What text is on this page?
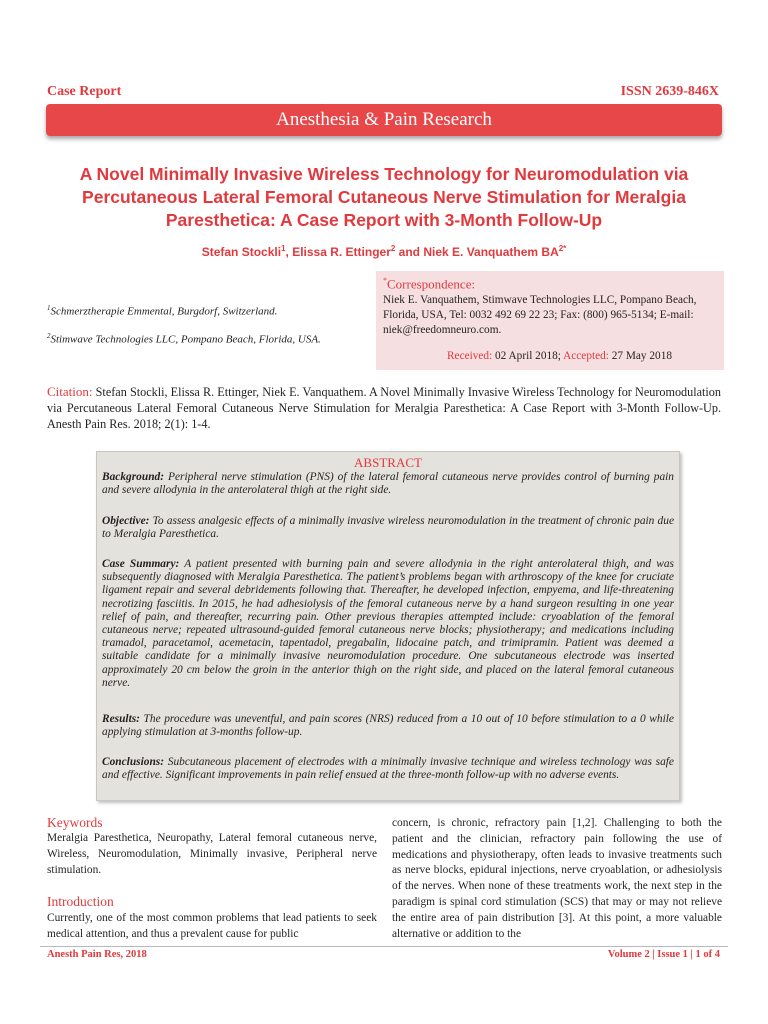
Case Report	ISSN 2639-846X
Anesthesia & Pain Research
A Novel Minimally Invasive Wireless Technology for Neuromodulation via Percutaneous Lateral Femoral Cutaneous Nerve Stimulation for Meralgia Paresthetica: A Case Report with 3-Month Follow-Up
Stefan Stockli$^1$, Elissa R. Ettinger$^2$ and Niek E. Vanquathem $BA^{2*}$
$^1$Schmerztherapie Emmental, Burgdorf, Switzerland.
$^2$Stimwave Technologies LLC, Pompano Beach, Florida, USA.
*Correspondence:
Niek E. Vanquathem, Stimwave Technologies LLC, Pompano Beach, Florida, USA, Tel: 0032 492 69 22 23; Fax: (800) 965-5134; E-mail: niek@freedomneuro.com.
Received: 02 April 2018; Accepted: 27 May 2018
Citation: Stefan Stockli, Elissa R. Ettinger, Niek E. Vanquathem. A Novel Minimally Invasive Wireless Technology for Neuromodulation via Percutaneous Lateral Femoral Cutaneous Nerve Stimulation for Meralgia Paresthetica: A Case Report with 3-Month Follow-Up. Anesth Pain Res. 2018; 2(1): 1-4.
ABSTRACT
Background: Peripheral nerve stimulation (PNS) of the lateral femoral cutaneous nerve provides control of burning pain and severe allodynia in the anterolateral thigh at the right side.
Objective: To assess analgesic effects of a minimally invasive wireless neuromodulation in the treatment of chronic pain due to Meralgia Paresthetica.
Case Summary: A patient presented with burning pain and severe allodynia in the right anterolateral thigh, and was subsequently diagnosed with Meralgia Paresthetica. The patient’s problems began with arthroscopy of the knee for cruciate ligament repair and several debridements following that. Thereafter, he developed infection, empyema, and life-threatening necrotizing fasciitis. In 2015, he had adhesiolysis of the femoral cutaneous nerve by a hand surgeon resulting in one year relief of pain, and thereafter, recurring pain. Other previous therapies attempted include: cryoablation of the femoral cutaneous nerve; repeated ultrasound-guided femoral cutaneous nerve blocks; physiotherapy; and medications including tramadol, paracetamol, acemetacin, tapentadol, pregabalin, lidocaine patch, and trimipramin. Patient was deemed a suitable candidate for a minimally invasive neuromodulation procedure. One subcutaneous electrode was inserted approximately 20 cm below the groin in the anterior thigh on the right side, and placed on the lateral femoral cutaneous nerve.
Results: The procedure was uneventful, and pain scores (NRS) reduced from a 10 out of 10 before stimulation to a 0 while applying stimulation at 3-months follow-up.
Conclusions: Subcutaneous placement of electrodes with a minimally invasive technique and wireless technology was safe and effective. Significant improvements in pain relief ensued at the three-month follow-up with no adverse events.
Keywords
Meralgia Paresthetica, Neuropathy, Lateral femoral cutaneous nerve, Wireless, Neuromodulation, Minimally invasive, Peripheral nerve stimulation.
Introduction
Currently, one of the most common problems that lead patients to seek medical attention, and thus a prevalent cause for public
concern, is chronic, refractory pain [1,2]. Challenging to both the patient and the clinician, refractory pain following the use of medications and physiotherapy, often leads to invasive treatments such as nerve blocks, epidural injections, nerve cryoablation, or adhesiolysis of the nerves. When none of these treatments work, the next step in the paradigm is spinal cord stimulation (SCS) that may or may not relieve the entire area of pain distribution [3]. At this point, a more valuable alternative or addition to the
Anesth Pain Res, 2018	Volume 2 | Issue 1 | 1 of 4
